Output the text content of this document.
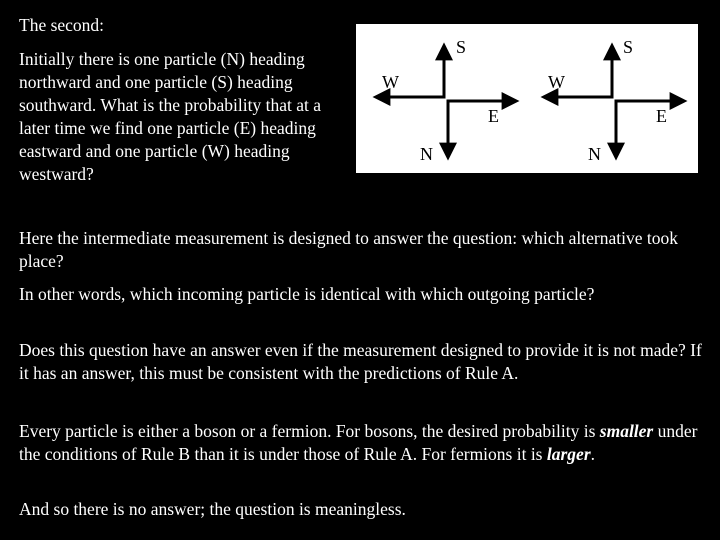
The second:
Initially there is one particle (N) heading northward and one particle (S) heading southward. What is the probability that at a later time we find one particle (E) heading eastward and one particle (W) heading westward?
S
W
E
N
S
W
E
N
Here the intermediate measurement is designed to answer the question: which alternative took place?
In other words, which incoming particle is identical with which outgoing particle?
Does this question have an answer even if the measurement designed to provide it is not made? If it has an answer, this must be consistent with the predictions of Rule A.
Every particle is either a boson or a fermion. For bosons, the desired probability is smaller under the conditions of Rule B than it is under those of Rule A. For fermions it is larger.
And so there is no answer; the question is meaningless.
